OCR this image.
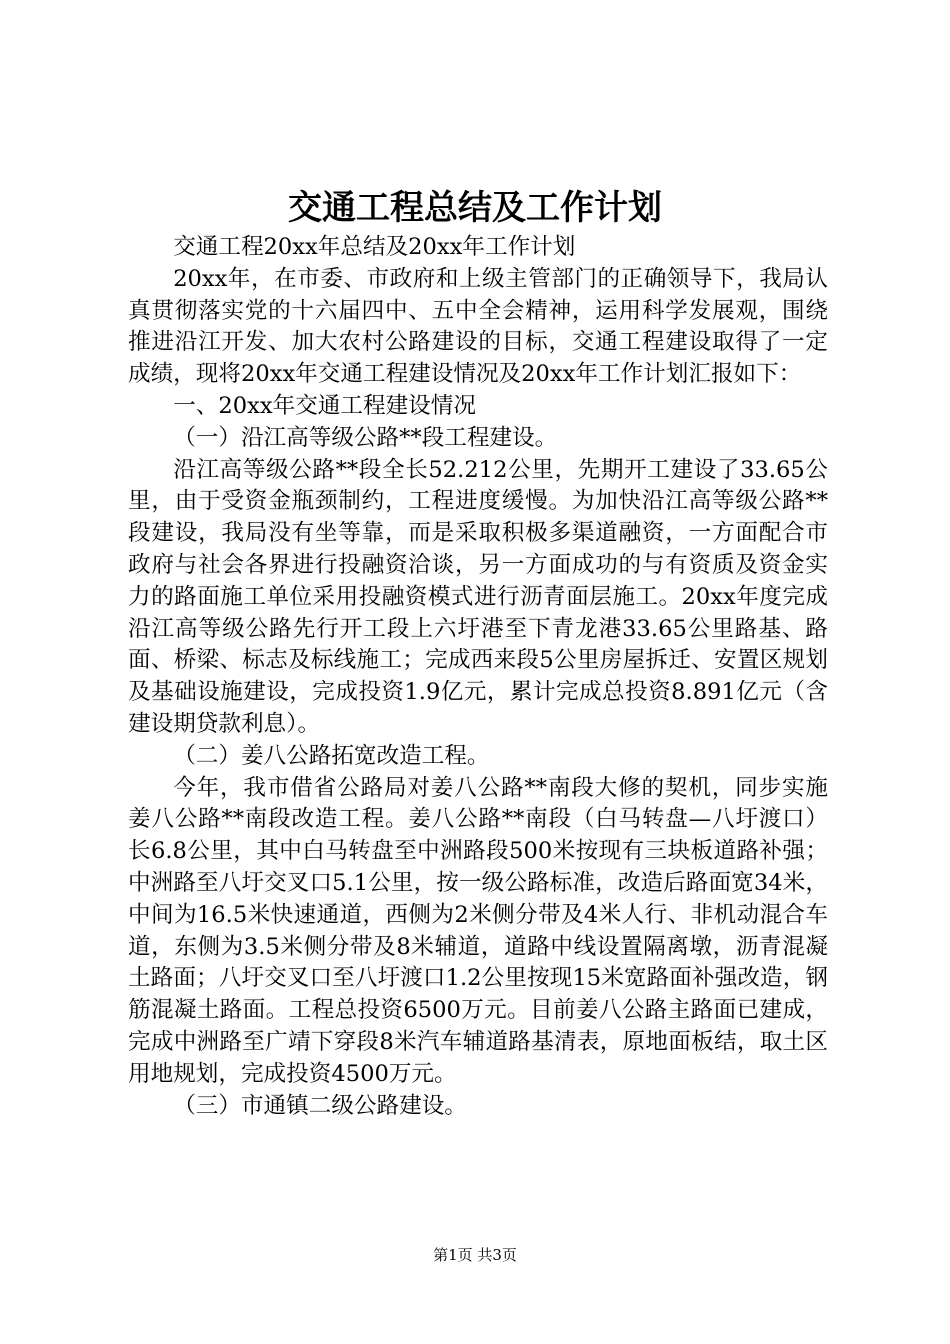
交通工程总结及工作计划

交通工程20xx年总结及20xx年工作计划

20xx年，在市委、市政府和上级主管部门的正确领导下，我局认真贯彻落实党的十六届四中、五中全会精神，运用科学发展观，围绕推进沿江开发、加大农村公路建设的目标，交通工程建设取得了一定成绩，现将20xx年交通工程建设情况及20xx年工作计划汇报如下：

一、20xx年交通工程建设情况

（一）沿江高等级公路**段工程建设。

沿江高等级公路**段全长52.212公里，先期开工建设了33.65公里，由于受资金瓶颈制约，工程进度缓慢。为加快沿江高等级公路**段建设，我局没有坐等靠，而是采取积极多渠道融资，一方面配合市政府与社会各界进行投融资洽谈，另一方面成功的与有资质及资金实力的路面施工单位采用投融资模式进行沥青面层施工。20xx年度完成沿江高等级公路先行开工段上六圩港至下青龙港33.65公里路基、路面、桥梁、标志及标线施工；完成西来段5公里房屋拆迁、安置区规划及基础设施建设，完成投资1.9亿元，累计完成总投资8.891亿元（含建设期贷款利息）。

（二）姜八公路拓宽改造工程。

今年，我市借省公路局对姜八公路**南段大修的契机，同步实施姜八公路**南段改造工程。姜八公路**南段（白马转盘—八圩渡口）长6.8公里，其中白马转盘至中洲路段500米按现有三块板道路补强；中洲路至八圩交叉口5.1公里，按一级公路标准，改造后路面宽34米，中间为16.5米快速通道，西侧为2米侧分带及4米人行、非机动混合车道，东侧为3.5米侧分带及8米辅道，道路中线设置隔离墩，沥青混凝土路面；八圩交叉口至八圩渡口1.2公里按现15米宽路面补强改造，钢筋混凝土路面。工程总投资6500万元。目前姜八公路主路面已建成，完成中洲路至广靖下穿段8米汽车辅道路基清表，原地面板结，取土区用地规划，完成投资4500万元。

（三）市通镇二级公路建设。

第1页 共3页
